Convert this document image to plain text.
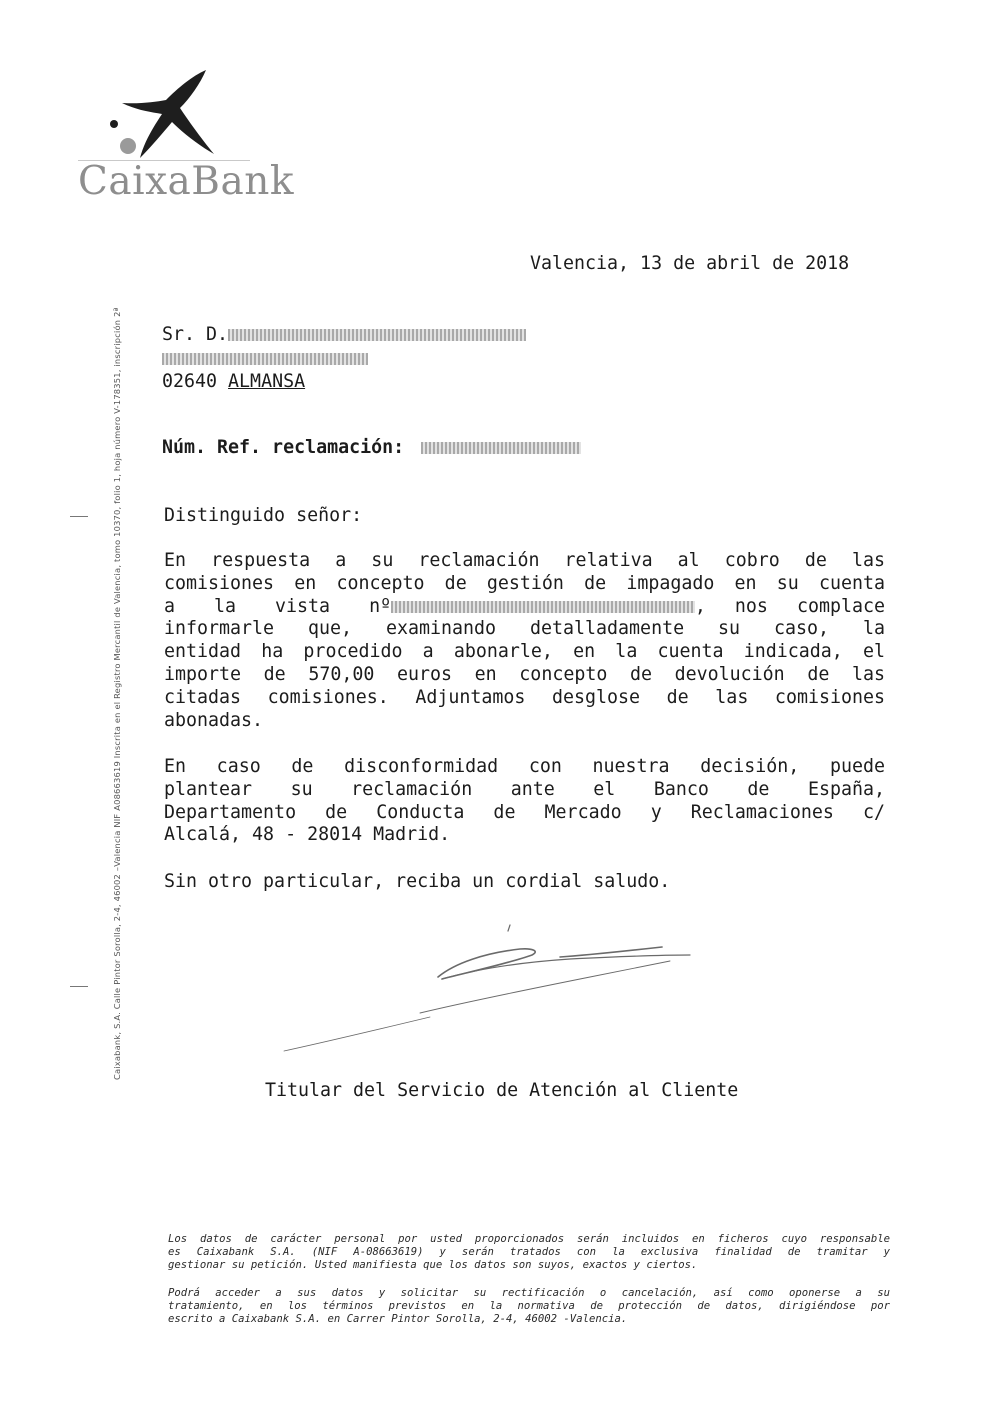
CaixaBank
Caixabank, S.A. Calle Pintor Sorolla, 2-4, 46002 –Valencia NIF A08663619 Inscrita en el Registro Mercantil de Valencia, tomo 10370, folio 1, hoja número V-178351, inscripción 2ª
Valencia, 13 de abril de 2018
Sr. D.
02640 ALMANSA
Núm. Ref. reclamación:
Distinguido señor:
En respuesta a su reclamación relativa al cobro de las
comisiones en concepto de gestión de impagado en su cuenta
a la vista nº	, nos complace
informarle que, examinando detalladamente su caso, la
entidad ha procedido a abonarle, en la cuenta indicada, el
importe de 570,00 euros en concepto de devolución de las
citadas comisiones. Adjuntamos desglose de las comisiones
abonadas.
En caso de disconformidad con nuestra decisión, puede
plantear su reclamación ante el Banco de España,
Departamento de Conducta de Mercado y Reclamaciones c/
Alcalá, 48 - 28014 Madrid.
Sin otro particular, reciba un cordial saludo.
Titular del Servicio de Atención al Cliente
Los datos de carácter personal por usted proporcionados serán incluidos en ficheros cuyo responsable
es Caixabank S.A. (NIF A-08663619) y serán tratados con la exclusiva finalidad de tramitar y
gestionar su petición. Usted manifiesta que los datos son suyos, exactos y ciertos.
Podrá acceder a sus datos y solicitar su rectificación o cancelación, así como oponerse a su
tratamiento, en los términos previstos en la normativa de protección de datos, dirigiéndose por
escrito a Caixabank S.A. en Carrer Pintor Sorolla, 2-4, 46002 -Valencia.
